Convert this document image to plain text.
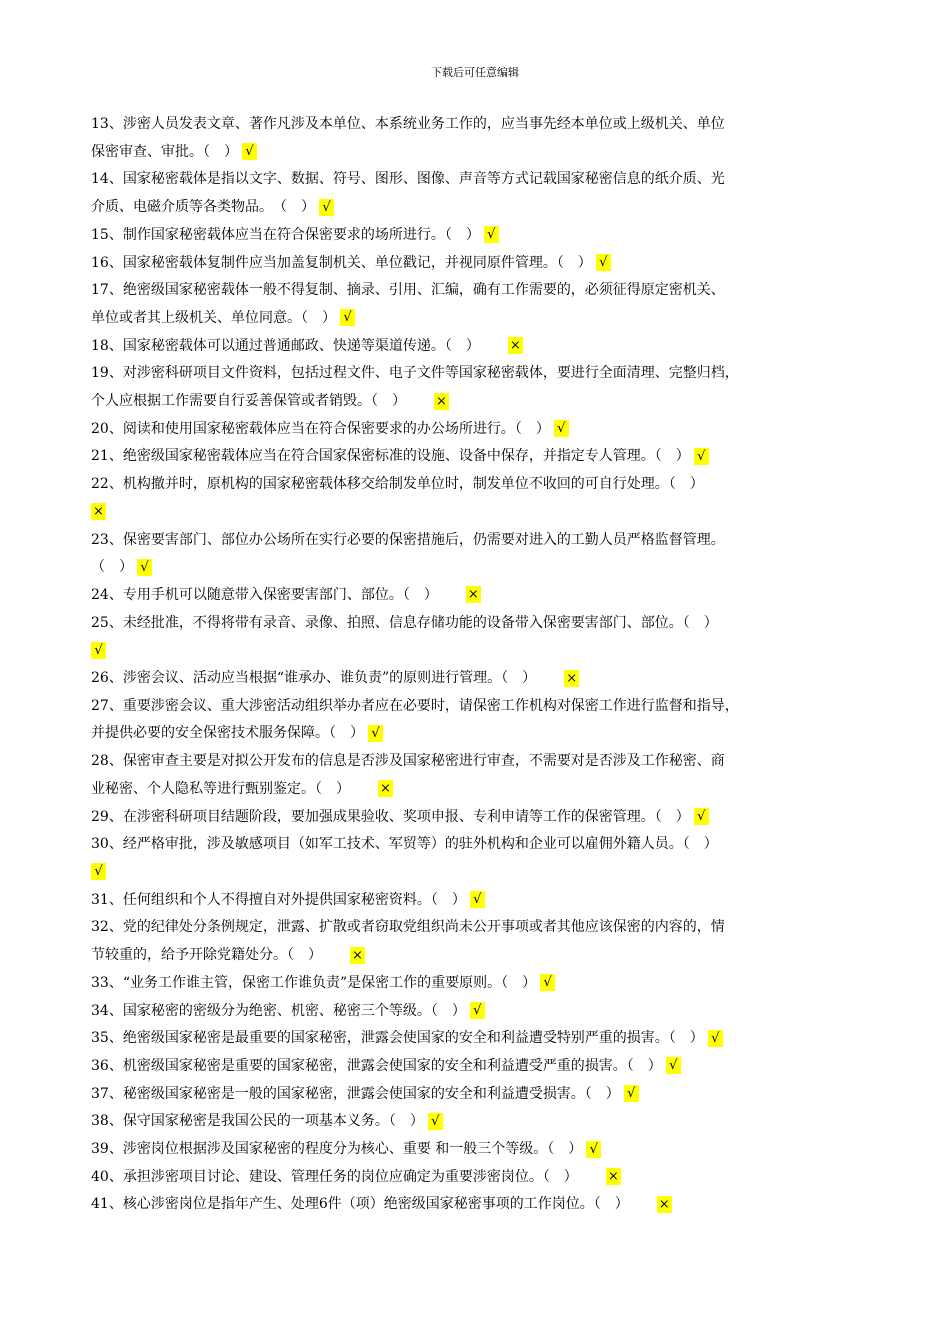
下载后可任意编辑
13、涉密人员发表文章、著作凡涉及本单位、本系统业务工作的，应当事先经本单位或上级机关、单位
保密审查、审批。（　） √
14、国家秘密载体是指以文字、数据、符号、图形、图像、声音等方式记载国家秘密信息的纸介质、光
介质、电磁介质等各类物品。　（　） √
15、制作国家秘密载体应当在符合保密要求的场所进行。（　） √
16、国家秘密载体复制件应当加盖复制机关、单位戳记，并视同原件管理。（　） √
17、绝密级国家秘密载体一般不得复制、摘录、引用、汇编，确有工作需要的，必须征得原定密机关、
单位或者其上级机关、单位同意。（　） √
18、国家秘密载体可以通过普通邮政、快递等渠道传递。（　） ×
19、对涉密科研项目文件资料，包括过程文件、电子文件等国家秘密载体，要进行全面清理、完整归档，
个人应根据工作需要自行妥善保管或者销毁。（　） ×
20、阅读和使用国家秘密载体应当在符合保密要求的办公场所进行。（　） √
21、绝密级国家秘密载体应当在符合国家保密标准的设施、设备中保存，并指定专人管理。（　） √
22、机构撤并时，原机构的国家秘密载体移交给制发单位时，制发单位不收回的可自行处理。（　）
×
23、保密要害部门、部位办公场所在实行必要的保密措施后，仍需要对进入的工勤人员严格监督管理。
（　） √
24、专用手机可以随意带入保密要害部门、部位。（　） ×
25、未经批准，不得将带有录音、录像、拍照、信息存储功能的设备带入保密要害部门、部位。（　）
√
26、涉密会议、活动应当根据“谁承办、谁负责”的原则进行管理。（　） ×
27、重要涉密会议、重大涉密活动组织举办者应在必要时，请保密工作机构对保密工作进行监督和指导，
并提供必要的安全保密技术服务保障。（　） √
28、保密审查主要是对拟公开发布的信息是否涉及国家秘密进行审查，不需要对是否涉及工作秘密、商
业秘密、个人隐私等进行甄别鉴定。（　） ×
29、在涉密科研项目结题阶段，要加强成果验收、奖项申报、专利申请等工作的保密管理。（　） √
30、经严格审批，涉及敏感项目（如军工技术、军贸等）的驻外机构和企业可以雇佣外籍人员。（　）
√
31、任何组织和个人不得擅自对外提供国家秘密资料。（　） √
32、党的纪律处分条例规定，泄露、扩散或者窃取党组织尚未公开事项或者其他应该保密的内容的，情
节较重的，给予开除党籍处分。（　） ×
33、“业务工作谁主管，保密工作谁负责”是保密工作的重要原则。（　） √
34、国家秘密的密级分为绝密、机密、秘密三个等级。（　） √
35、绝密级国家秘密是最重要的国家秘密，泄露会使国家的安全和利益遭受特别严重的损害。（　） √
36、机密级国家秘密是重要的国家秘密，泄露会使国家的安全和利益遭受严重的损害。（　） √
37、秘密级国家秘密是一般的国家秘密，泄露会使国家的安全和利益遭受损害。（　） √
38、保守国家秘密是我国公民的一项基本义务。（　） √
39、涉密岗位根据涉及国家秘密的程度分为核心、重要 和一般三个等级。（　） √
40、承担涉密项目讨论、建设、管理任务的岗位应确定为重要涉密岗位。（　） ×
41、核心涉密岗位是指年产生、处理6件（项）绝密级国家秘密事项的工作岗位。（　） ×
